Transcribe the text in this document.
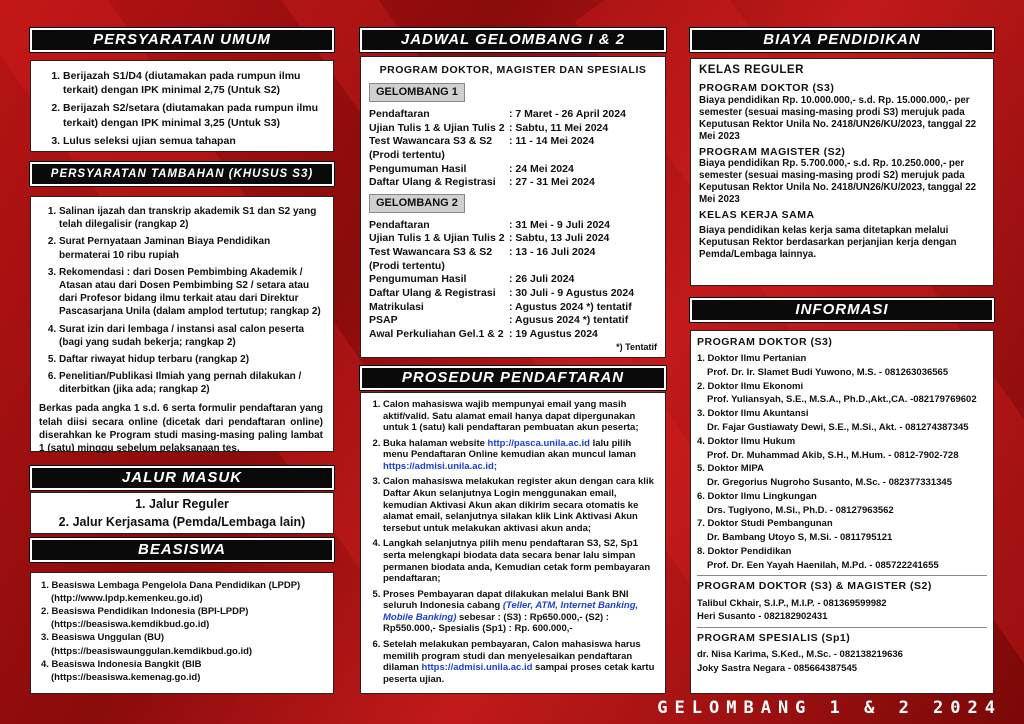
PERSYARATAN UMUM
1. Berijazah S1/D4 (diutamakan pada rumpun ilmu terkait) dengan IPK minimal 2,75 (Untuk S2)
2. Berijazah S2/setara (diutamakan pada rumpun ilmu terkait) dengan IPK minimal 3,25 (Untuk S3)
3. Lulus seleksi ujian semua tahapan
PERSYARATAN TAMBAHAN (KHUSUS S3)
1. Salinan ijazah dan transkrip akademik S1 dan S2 yang telah dilegalisir (rangkap 2)
2. Surat Pernyataan Jaminan Biaya Pendidikan bermaterai 10 ribu rupiah
3. Rekomendasi : dari Dosen Pembimbing Akademik / Atasan atau dari Dosen Pembimbing S2 / setara atau dari Profesor bidang ilmu terkait atau dari Direktur Pascasarjana Unila (dalam amplod tertutup; rangkap 2)
4. Surat izin dari lembaga / instansi asal calon peserta (bagi yang sudah bekerja; rangkap 2)
5. Daftar riwayat hidup terbaru (rangkap 2)
6. Penelitian/Publikasi Ilmiah yang pernah dilakukan / diterbitkan (jika ada; rangkap 2)

Berkas pada angka 1 s.d. 6 serta formulir pendaftaran yang telah diisi secara online (dicetak dari pendaftaran online) diserahkan ke Program studi masing-masing paling lambat 1 (satu) minggu sebelum pelaksanaan tes.

JALUR MASUK
1. Jalur Reguler
2. Jalur Kerjasama (Pemda/Lembaga lain)
BEASISWA
1. Beasiswa Lembaga Pengelola Dana Pendidikan (LPDP)
(http://www.lpdp.kemenkeu.go.id)
2. Beasiswa Pendidikan Indonesia (BPI-LPDP)
(https://beasiswa.kemdikbud.go.id)
3. Beasiswa Unggulan (BU)
(https://beasiswaunggulan.kemdikbud.go.id)
4. Beasiswa Indonesia Bangkit (BIB
(https://beasiswa.kemenag.go.id)
JADWAL GELOMBANG I & 2
PROGRAM DOKTOR, MAGISTER DAN SPESIALIS
GELOMBANG 1
Pendaftaran	: 7 Maret - 26 April 2024
Ujian Tulis 1 & Ujian Tulis 2 : Sabtu, 11 Mei 2024
Test Wawancara S3 & S2 (Prodi tertentu)
: 11 - 14 Mei 2024
Pengumuman Hasil	: 24 Mei 2024
Daftar Ulang & Registrasi	: 27 - 31 Mei 2024
GELOMBANG 2
Pendaftaran	: 31 Mei - 9 Juli 2024
Ujian Tulis 1 & Ujian Tulis 2 : Sabtu, 13 Juli 2024
Test Wawancara S3 & S2 (Prodi tertentu)
: 13 - 16 Juli 2024
Pengumuman Hasil	: 26 Juli 2024
Daftar Ulang & Registrasi	: 30 Juli - 9 Agustus 2024
Matrikulasi	: Agustus 2024 *) tentatif
PSAP	: Agusus 2024 *) tentatif
Awal Perkuliahan Gel.1 & 2 : 19 Agustus 2024
*) Tentatif
PROSEDUR PENDAFTARAN
1. Calon mahasiswa wajib mempunyai email yang masih aktif/valid. Satu alamat email hanya dapat dipergunakan untuk 1 (satu) kali pendaftaran pembuatan akun peserta;
2. Buka halaman website http://pasca.unila.ac.id lalu pilih menu Pendaftaran Online kemudian akan muncul laman https://admisi.unila.ac.id;
3. Calon mahasiswa melakukan register akun dengan cara klik Daftar Akun selanjutnya Login menggunakan email, kemudian Aktivasi Akun akan dikirim secara otomatis ke alamat email, selanjutnya silakan klik Link Aktivasi Akun tersebut untuk melakukan aktivasi akun anda;
4. Langkah selanjutnya pilih menu pendaftaran S3, S2, Sp1 serta melengkapi biodata data secara benar lalu simpan permanen biodata anda, Kemudian cetak form pembayaran pendaftaran;
5. Proses Pembayaran dapat dilakukan melalui Bank BNI seluruh Indonesia cabang (Teller, ATM, Internet Banking, Mobile Banking) sebesar : (S3) : Rp650.000,- (S2) : Rp550.000,- Spesialis (Sp1) : Rp. 600.000,-
6. Setelah melakukan pembayaran, Calon mahasiswa harus memilih program studi dan menyelesaikan pendaftaran dilaman https://admisi.unila.ac.id sampai proses cetak kartu peserta ujian.
BIAYA PENDIDIKAN
KELAS REGULER
PROGRAM DOKTOR (S3)
Biaya pendidikan Rp. 10.000.000,- s.d. Rp. 15.000.000,- per semester (sesuai masing-masing prodi S3) merujuk pada Keputusan Rektor Unila No. 2418/UN26/KU/2023, tanggal 22 Mei 2023
PROGRAM MAGISTER (S2)
Biaya pendidikan Rp. 5.700.000,- s.d. Rp. 10.250.000,- per semester (sesuai masing-masing prodi S2) merujuk pada Keputusan Rektor Unila No. 2418/UN26/KU/2023, tanggal 22 Mei 2023
KELAS KERJA SAMA
Biaya pendidikan kelas kerja sama ditetapkan melalui Keputusan Rektor berdasarkan perjanjian kerja dengan Pemda/Lembaga lainnya.
INFORMASI
PROGRAM DOKTOR (S3)
1. Doktor Ilmu Pertanian
Prof. Dr. Ir. Slamet Budi Yuwono, M.S. - 081263036565
2. Doktor Ilmu Ekonomi
Prof. Yuliansyah, S.E., M.S.A., Ph.D.,Akt.,CA. -082179769602
3. Doktor Ilmu Akuntansi
Dr. Fajar Gustiawaty Dewi, S.E., M.Si., Akt. - 081274387345
4. Doktor Ilmu Hukum
Prof. Dr. Muhammad Akib, S.H., M.Hum. - 0812-7902-728
5. Doktor MIPA
Dr. Gregorius Nugroho Susanto, M.Sc. - 082377331345
6. Doktor Ilmu Lingkungan
Drs. Tugiyono, M.Si., Ph.D. - 08127963562
7. Doktor Studi Pembangunan
Dr. Bambang Utoyo S, M.Si. - 0811795121
8. Doktor Pendidikan
Prof. Dr. Een Yayah Haenilah, M.Pd. - 085722241655
PROGRAM DOKTOR (S3) & MAGISTER (S2)
Talibul Ckhair, S.I.P., M.I.P. - 081369599982
Heri Susanto - 082182902431
PROGRAM SPESIALIS (Sp1)
dr. Nisa Karima, S.Ked., M.Sc. - 082138219636
Joky Sastra Negara - 085664387545
GELOMBANG 1 & 2 2024
